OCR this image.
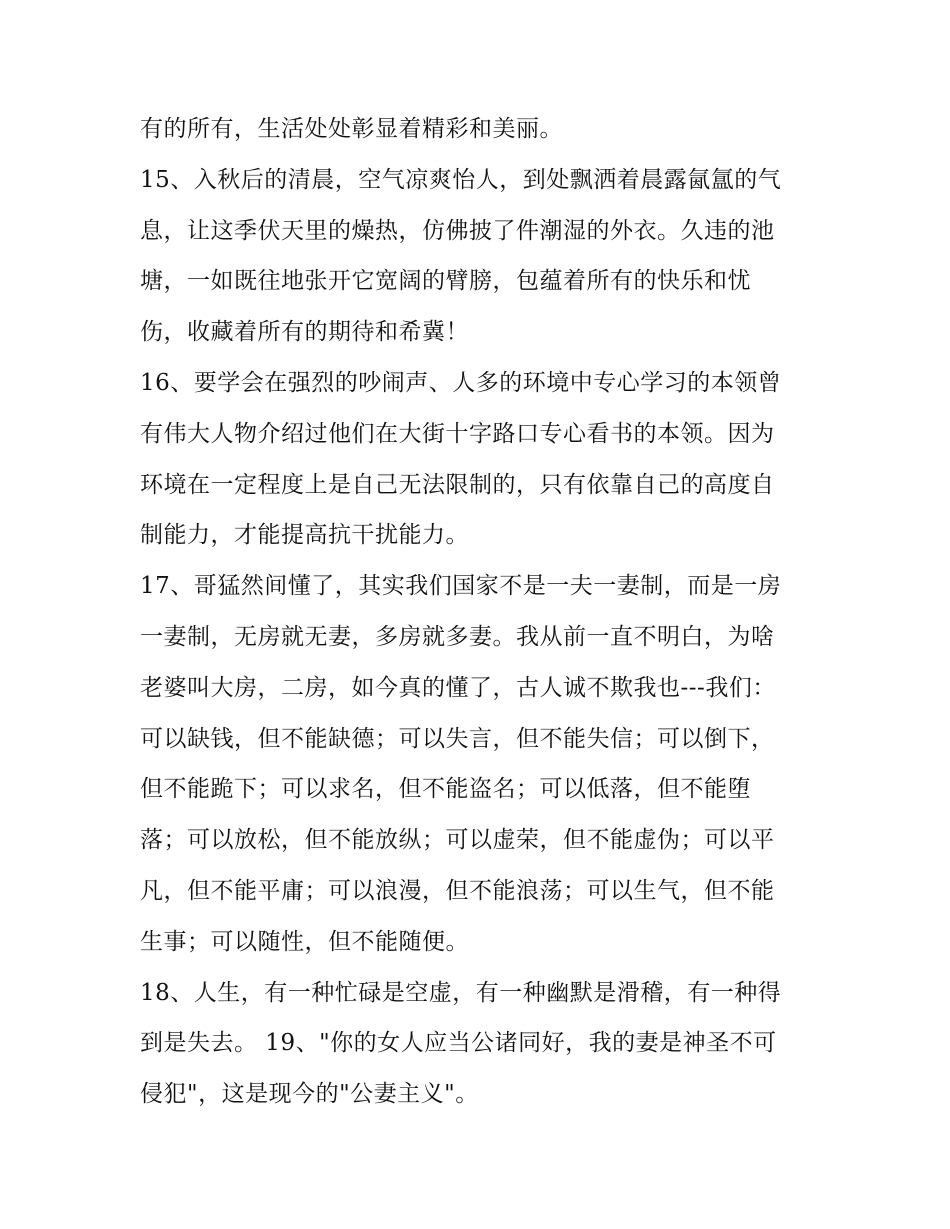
有的所有，生活处处彰显着精彩和美丽。
15、入秋后的清晨，空气凉爽怡人，到处飘洒着晨露氤氲的气
息，让这季伏天里的燥热，仿佛披了件潮湿的外衣。久违的池
塘，一如既往地张开它宽阔的臂膀，包蕴着所有的快乐和忧
伤，收藏着所有的期待和希冀！
16、要学会在强烈的吵闹声、人多的环境中专心学习的本领曾
有伟大人物介绍过他们在大街十字路口专心看书的本领。因为
环境在一定程度上是自己无法限制的，只有依靠自己的高度自
制能力，才能提高抗干扰能力。
17、哥猛然间懂了，其实我们国家不是一夫一妻制，而是一房
一妻制，无房就无妻，多房就多妻。我从前一直不明白，为啥
老婆叫大房，二房，如今真的懂了，古人诚不欺我也---我们：
可以缺钱，但不能缺德；可以失言，但不能失信；可以倒下，
但不能跪下；可以求名，但不能盗名；可以低落，但不能堕
落；可以放松，但不能放纵；可以虚荣，但不能虚伪；可以平
凡，但不能平庸；可以浪漫，但不能浪荡；可以生气，但不能
生事；可以随性，但不能随便。
18、人生，有一种忙碌是空虚，有一种幽默是滑稽，有一种得
到是失去。 19、"你的女人应当公诸同好，我的妻是神圣不可
侵犯"，这是现今的"公妻主义"。
